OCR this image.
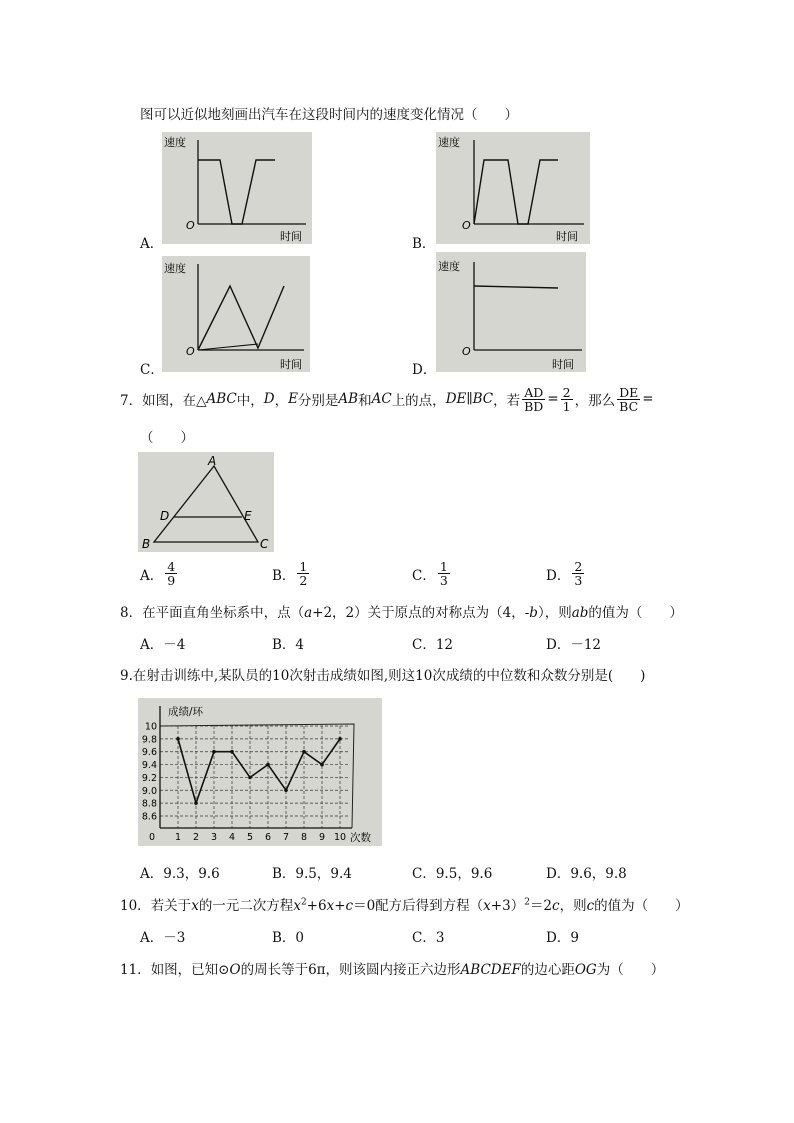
图可以近似地刻画出汽车在这段时间内的速度变化情况（　　）
速度
O
时间
A．
速度
O
时间
B．
速度
O
时间
C．
速度
O
时间
D．
7． 如图，在△ ABC 中， D ， E 分别是 AB 和 AC 上的点， DE∥BC ，若 $\frac{AD}{BD} = \frac{2}{1}$ ，那么 $\frac{DE}{BC}$ =
（　　）
A
D	E
B	C
A． $\frac{4}{9}$	B． $\frac{1}{2}$	C． $\frac{1}{3}$	D． $\frac{2}{3}$
8．在平面直角坐标系中，点（a+2，2）关于原点的对称点为（4，-b），则ab的值为（　　）
A．－4	B．4	C．12	D．－12
9.在射击训练中,某队员的10次射击成绩如图,则这10次成绩的中位数和众数分别是(　　)
8.6
8.8
9.0
9.2
9.4
9.6
9.8
10
0 1 2 3 4 5 6 7 8 9 10
成绩/环
次数
A．9.3，9.6	B．9.5，9.4	C．9.5，9.6	D．9.6，9.8
10．若关于x的一元二次方程$x^2+6x+c=0$配方后得到方程$(x+3)^2=2c$，则c的值为（　　）
A．－3	B．0	C．3	D．9
11．如图，已知⊙O的周长等于6π，则该圆内接正六边形ABCDEF的边心距OG为（　　）
